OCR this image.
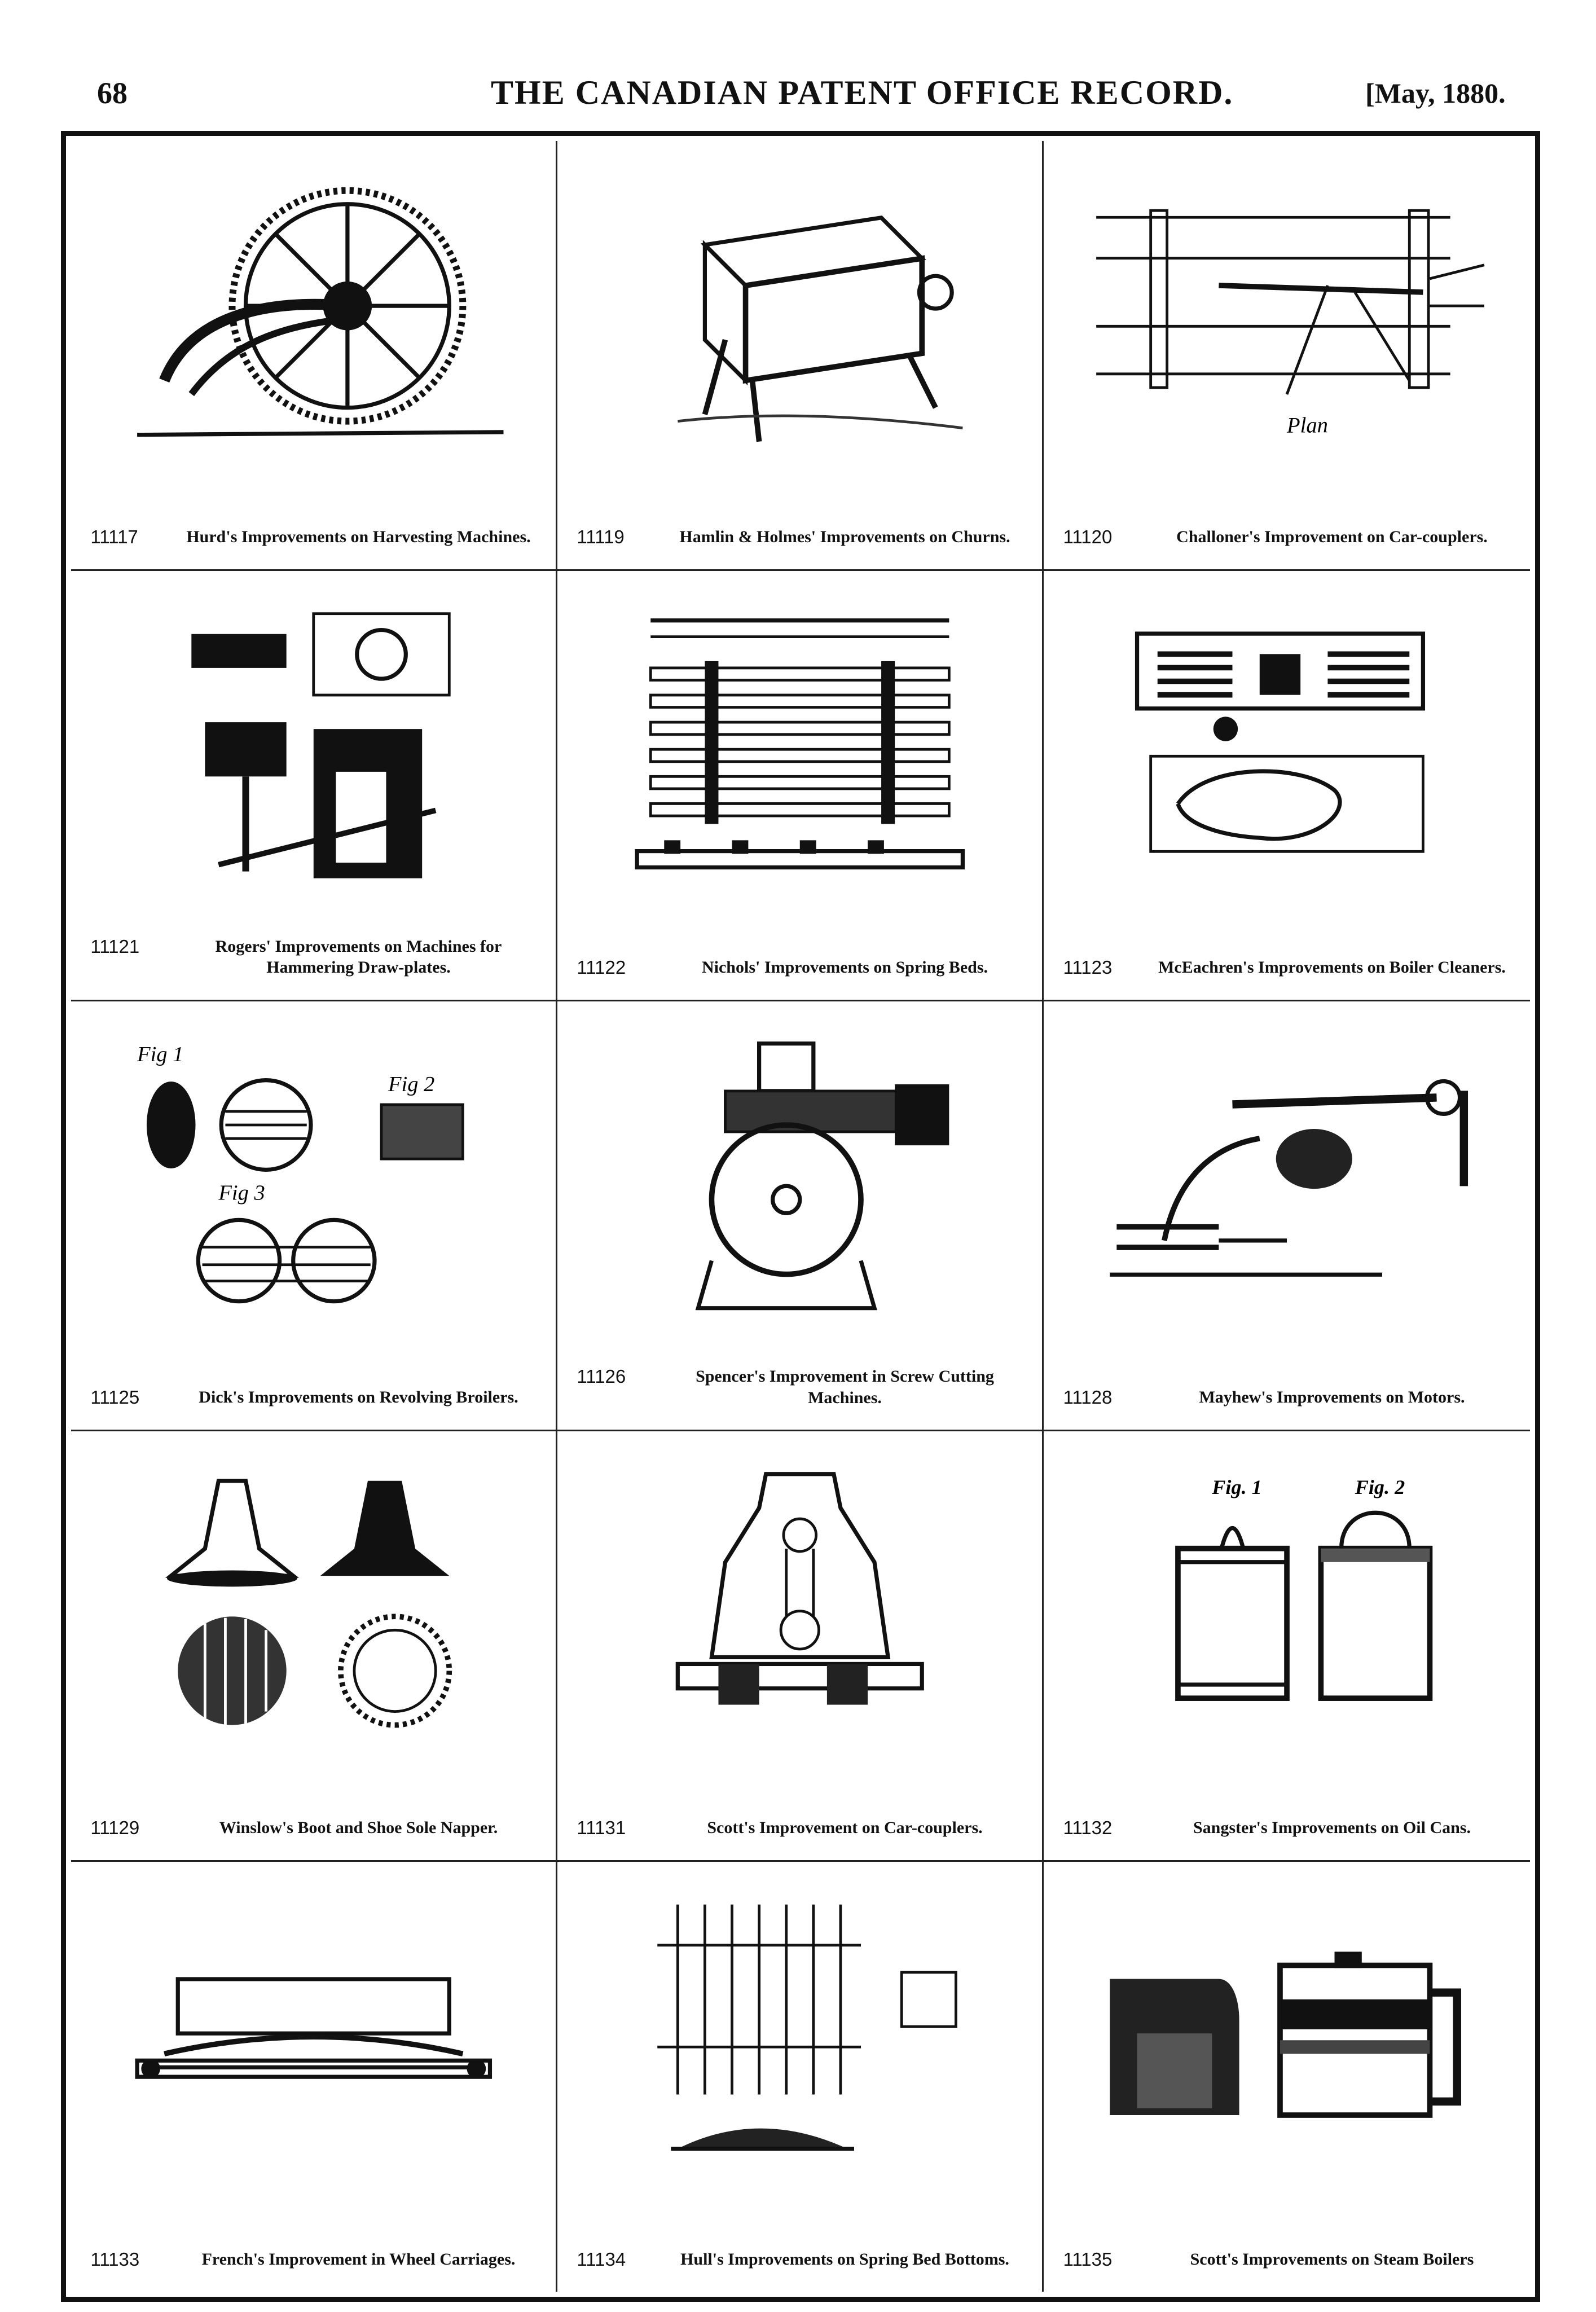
68	THE CANADIAN PATENT OFFICE RECORD.	[May, 1880.
11117	Hurd's Improvements on Harvesting Machines.	11119	Hamlin & Holmes' Improvements on Churns.
Plan
11120	Challoner's Improvement on Car-couplers.
11121	Rogers' Improvements on Machines for Hammering Draw-plates.	11122	Nichols' Improvements on Spring Beds.	11123	McEachren's Improvements on Boiler Cleaners.
Fig 1
Fig 2
Fig 3
11125	Dick's Improvements on Revolving Broilers.
11126	Spencer's Improvement in Screw Cutting Machines.	11128	Mayhew's Improvements on Motors.
11129	Winslow's Boot and Shoe Sole Napper.	11131	Scott's Improvement on Car-couplers.
Fig. 1	Fig. 2
11132	Sangster's Improvements on Oil Cans.
11133	French's Improvement in Wheel Carriages.	11134	Hull's Improvements on Spring Bed Bottoms.	11135	Scott's Improvements on Steam Boilers
